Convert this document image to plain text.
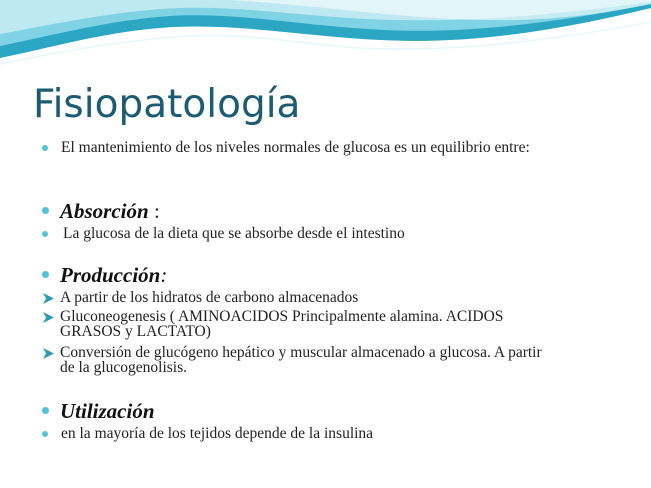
Fisiopatología
El mantenimiento de los niveles normales de glucosa es un equilibrio entre:
Absorción :
La glucosa de la dieta que se absorbe desde el intestino
Producción:
A partir de los hidratos de carbono almacenados
Gluconeogenesis ( AMINOACIDOS Principalmente alamina. ACIDOS
GRASOS y LACTATO)
Conversión de glucógeno hepático y muscular almacenado a glucosa. A partir
de la glucogenolisis.
Utilización
en la mayoría de los tejidos depende de la insulina
